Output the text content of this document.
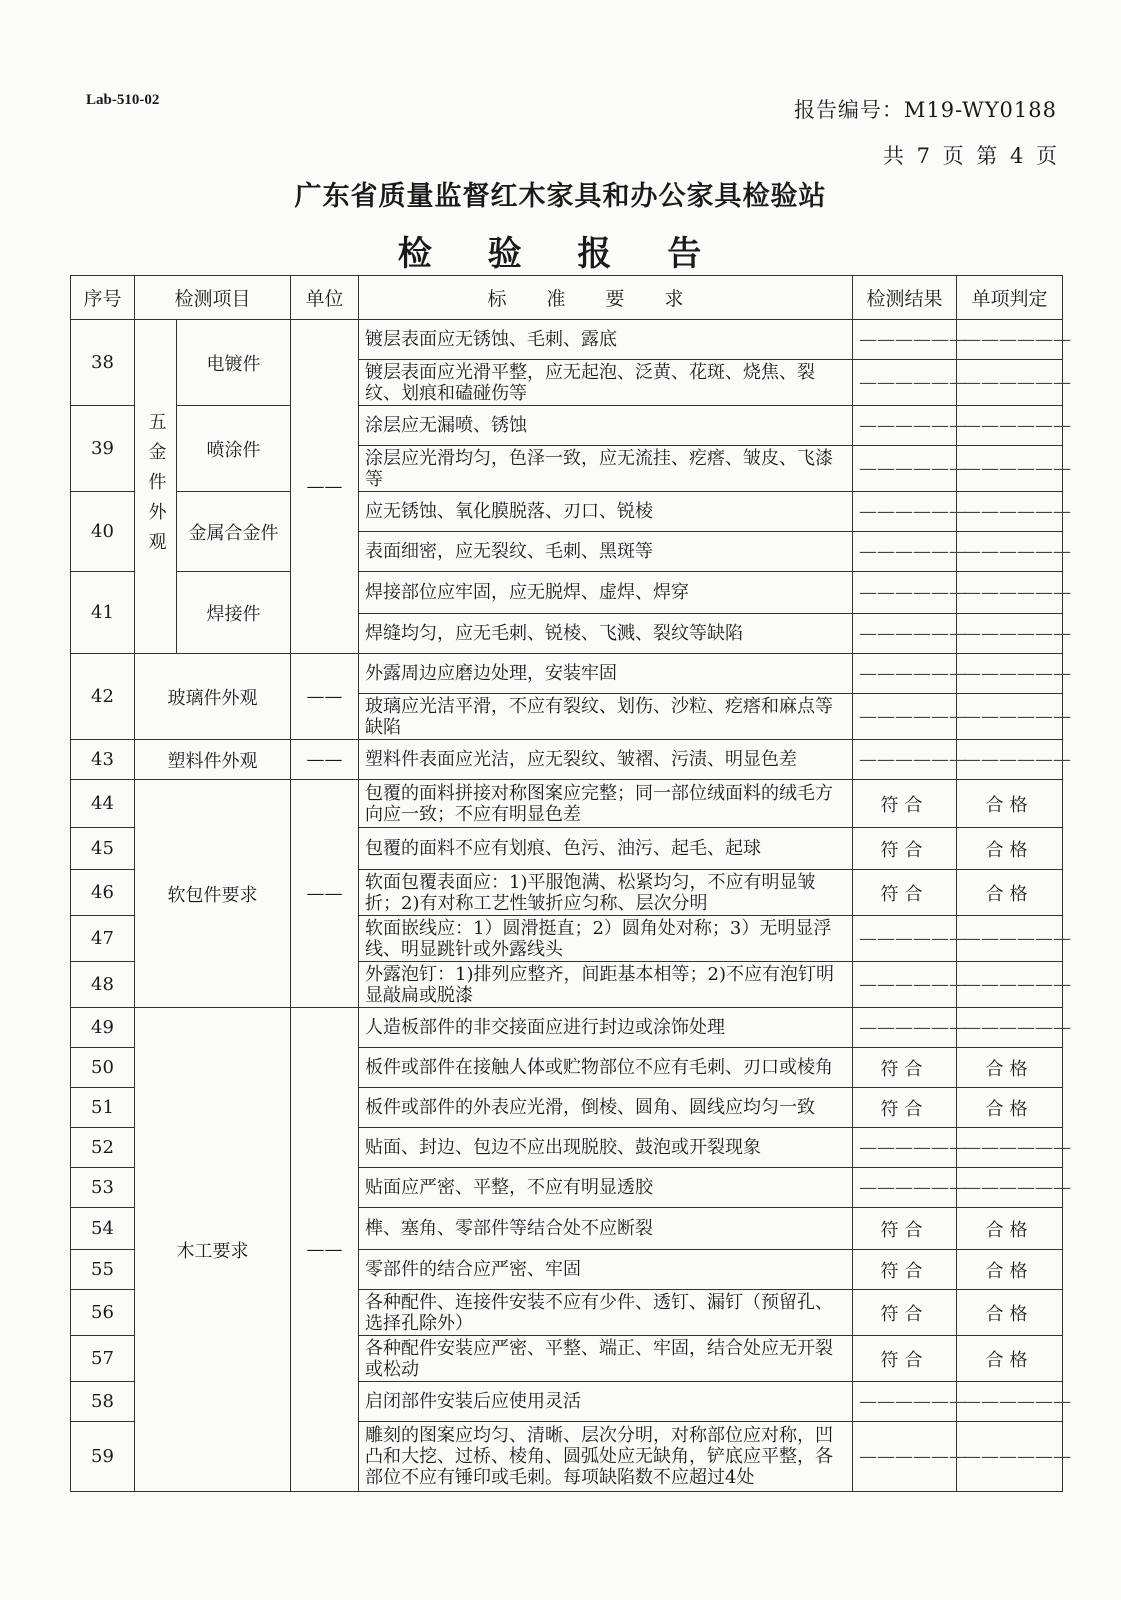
Lab-510-02	报告编号：M19-WY0188
共 7 页 第 4 页
广东省质量监督红木家具和办公家具检验站
检 验 报 告
序号	检测项目		单位	标准要求	检测结果	单项判定
38	五金件外观	电镀件	——	镀层表面应无锈蚀、毛刺、露底	——————	——————
				镀层表面应光滑平整，应无起泡、泛黄、花斑、烧焦、裂纹、划痕和磕碰伤等	——————	——————
39		喷涂件		涂层应无漏喷、锈蚀	——————	——————
				涂层应光滑均匀，色泽一致，应无流挂、疙瘩、皱皮、飞漆等	——————	——————
40		金属合金件		应无锈蚀、氧化膜脱落、刃口、锐棱	——————	——————
				表面细密，应无裂纹、毛刺、黑斑等	——————	——————
41		焊接件		焊接部位应牢固，应无脱焊、虚焊、焊穿	——————	——————
				焊缝均匀，应无毛刺、锐棱、飞溅、裂纹等缺陷	——————	——————
42	玻璃件外观		——	外露周边应磨边处理，安装牢固	——————	——————
				玻璃应光洁平滑，不应有裂纹、划伤、沙粒、疙瘩和麻点等缺陷	——————	——————
43	塑料件外观		——	塑料件表面应光洁，应无裂纹、皱褶、污渍、明显色差	——————	——————
44	软包件要求		——	包覆的面料拼接对称图案应完整；同一部位绒面料的绒毛方向应一致；不应有明显色差	符合	合格
45				包覆的面料不应有划痕、色污、油污、起毛、起球	符合	合格
46				软面包覆表面应：1)平服饱满、松紧均匀，不应有明显皱折；2)有对称工艺性皱折应匀称、层次分明	符合	合格
47				软面嵌线应：1）圆滑挺直；2）圆角处对称；3）无明显浮线、明显跳针或外露线头	——————	——————
48				外露泡钉：1)排列应整齐，间距基本相等；2)不应有泡钉明显敲扁或脱漆	——————	——————
49	木工要求		——	人造板部件的非交接面应进行封边或涂饰处理	——————	——————
50				板件或部件在接触人体或贮物部位不应有毛刺、刃口或棱角	符合	合格
51				板件或部件的外表应光滑，倒棱、圆角、圆线应均匀一致	符合	合格
52				贴面、封边、包边不应出现脱胶、鼓泡或开裂现象	——————	——————
53				贴面应严密、平整，不应有明显透胶	——————	——————
54				榫、塞角、零部件等结合处不应断裂	符合	合格
55				零部件的结合应严密、牢固	符合	合格
56				各种配件、连接件安装不应有少件、透钉、漏钉（预留孔、选择孔除外）	符合	合格
57				各种配件安装应严密、平整、端正、牢固，结合处应无开裂或松动	符合	合格
58				启闭部件安装后应使用灵活	——————	——————
59				雕刻的图案应均匀、清晰、层次分明，对称部位应对称，凹凸和大挖、过桥、棱角、圆弧处应无缺角，铲底应平整，各部位不应有锤印或毛刺。每项缺陷数不应超过4处	——————	——————
